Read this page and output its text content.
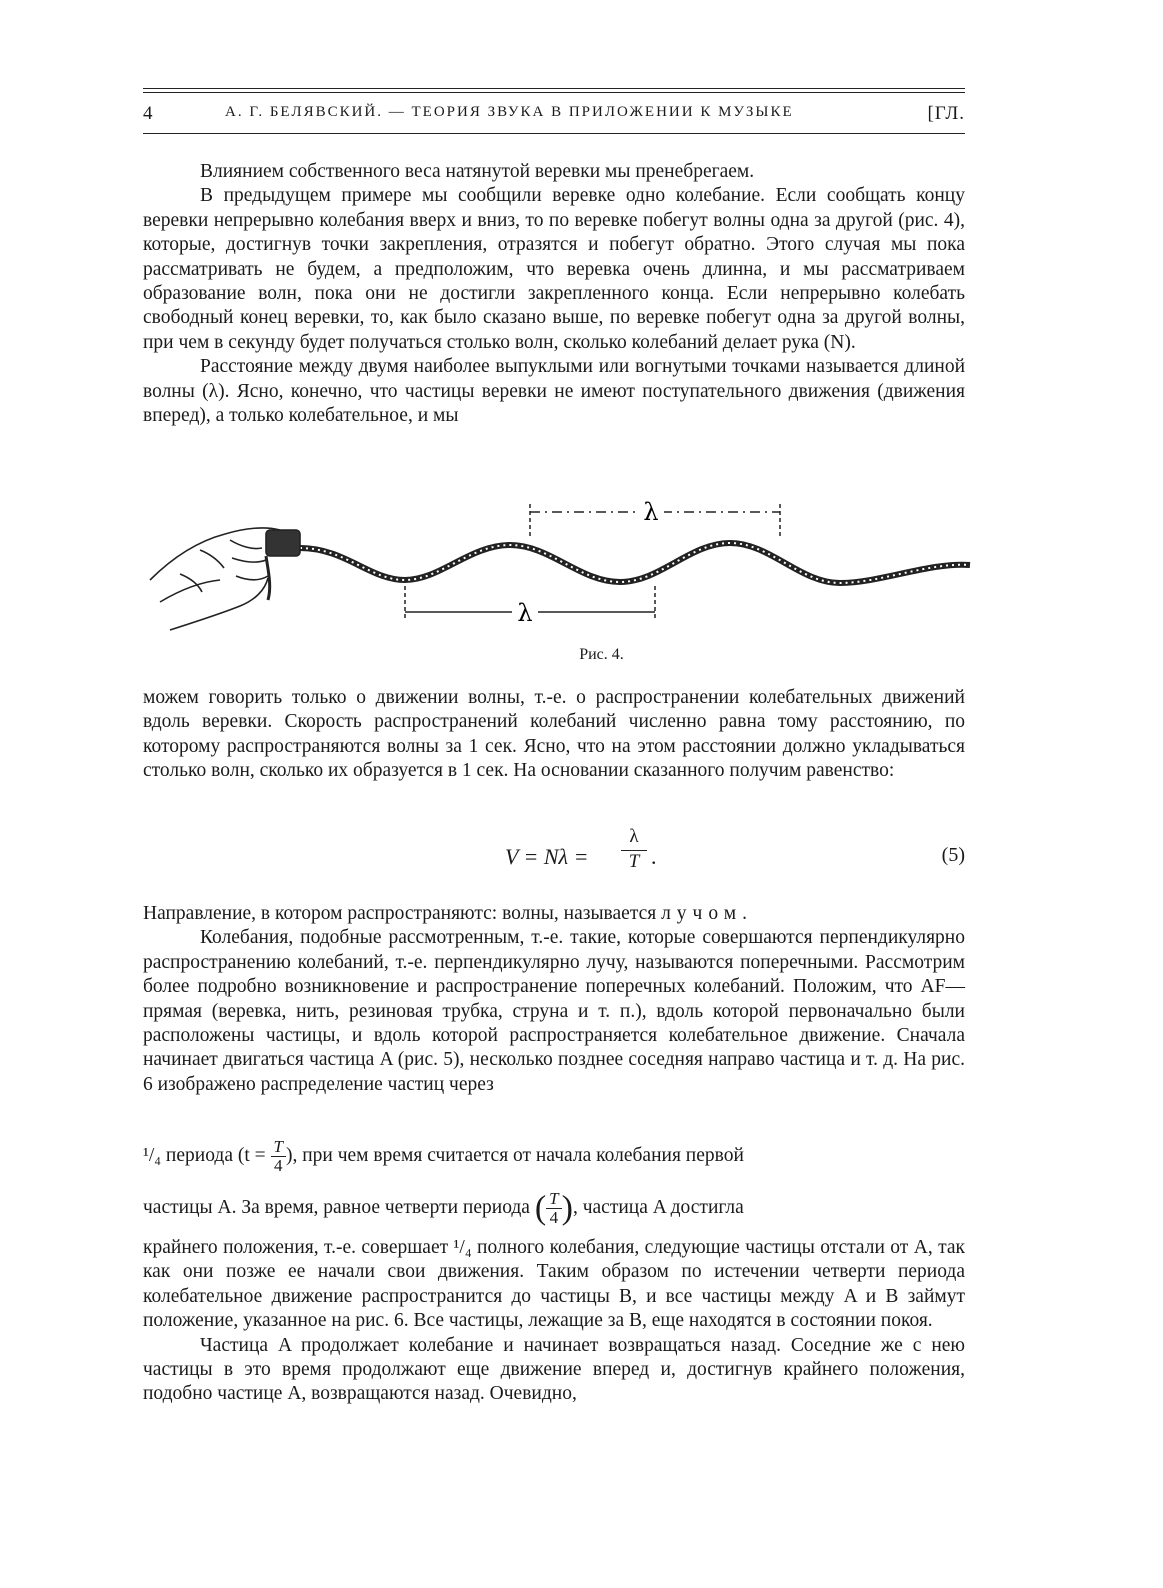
4	А. Г. БЕЛЯВСКИЙ. — ТЕОРИЯ ЗВУКА В ПРИЛОЖЕНИИ К МУЗЫКЕ	[ГЛ.

Влиянием собственного веса натянутой веревки мы пренебрегаем.

В предыдущем примере мы сообщили веревке одно колебание. Если сообщать концу веревки непрерывно колебания вверх и вниз, то по веревке побегут волны одна за другой (рис. 4), которые, достигнув точки закрепления, отразятся и побегут обратно. Этого случая мы пока рассматривать не будем, а предположим, что веревка очень длинна, и мы рассматриваем образование волн, пока они не достигли закрепленного конца. Если непрерывно колебать свободный конец веревки, то, как было сказано выше, по веревке побегут одна за другой волны, при чем в секунду будет получаться столько волн, сколько колебаний делает рука (N).

Расстояние между двумя наиболее выпуклыми или вогнутыми точками называется длиной волны (λ). Ясно, конечно, что частицы веревки не имеют поступательного движения (движения вперед), а только колебательное, и мы

λ
λ
Рис. 4.

можем говорить только о движении волны, т.-е. о распространении колебательных движений вдоль веревки. Скорость распространений колебаний численно равна тому расстоянию, по которому распространяются волны за 1 сек. Ясно, что на этом расстоянии должно укладываться столько волн, сколько их образуется в 1 сек. На основании сказанного получим равенство:

V = Nλ =
λ
T .	(5)

Направление, в котором распространяютс: волны, называется лучом.

Колебания, подобные рассмотренным, т.-е. такие, которые совершаются перпендикулярно распространению колебаний, т.-е. перпендикулярно лучу, называются поперечными. Рассмотрим более подробно возникновение и распространение поперечных колебаний. Положим, что AF—прямая (веревка, нить, резиновая трубка, струна и т. п.), вдоль которой первоначально были расположены частицы, и вдоль которой распространяется колебательное движение. Сначала начинает двигаться частица A (рис. 5), несколько позднее соседняя направо частица и т. д. На рис. 6 изображено распределение частиц через

¹/₄ периода ($t = \frac{T}{4}$ ), при чем время считается от начала колебания первой
частицы A. За время, равное четверти периода ( $\frac{T}{4}$ ), частица A достигла

крайнего положения, т.-е. совершает ¹/₄ полного колебания, следующие частицы отстали от A, так как они позже ее начали свои движения. Таким образом по истечении четверти периода колебательное движение распространится до частицы B, и все частицы между A и B займут положение, указанное на рис. 6. Все частицы, лежащие за B, еще находятся в состоянии покоя.

Частица A продолжает колебание и начинает возвращаться назад. Соседние же с нею частицы в это время продолжают еще движение вперед и, достигнув крайнего положения, подобно частице A, возвращаются назад. Очевидно,
